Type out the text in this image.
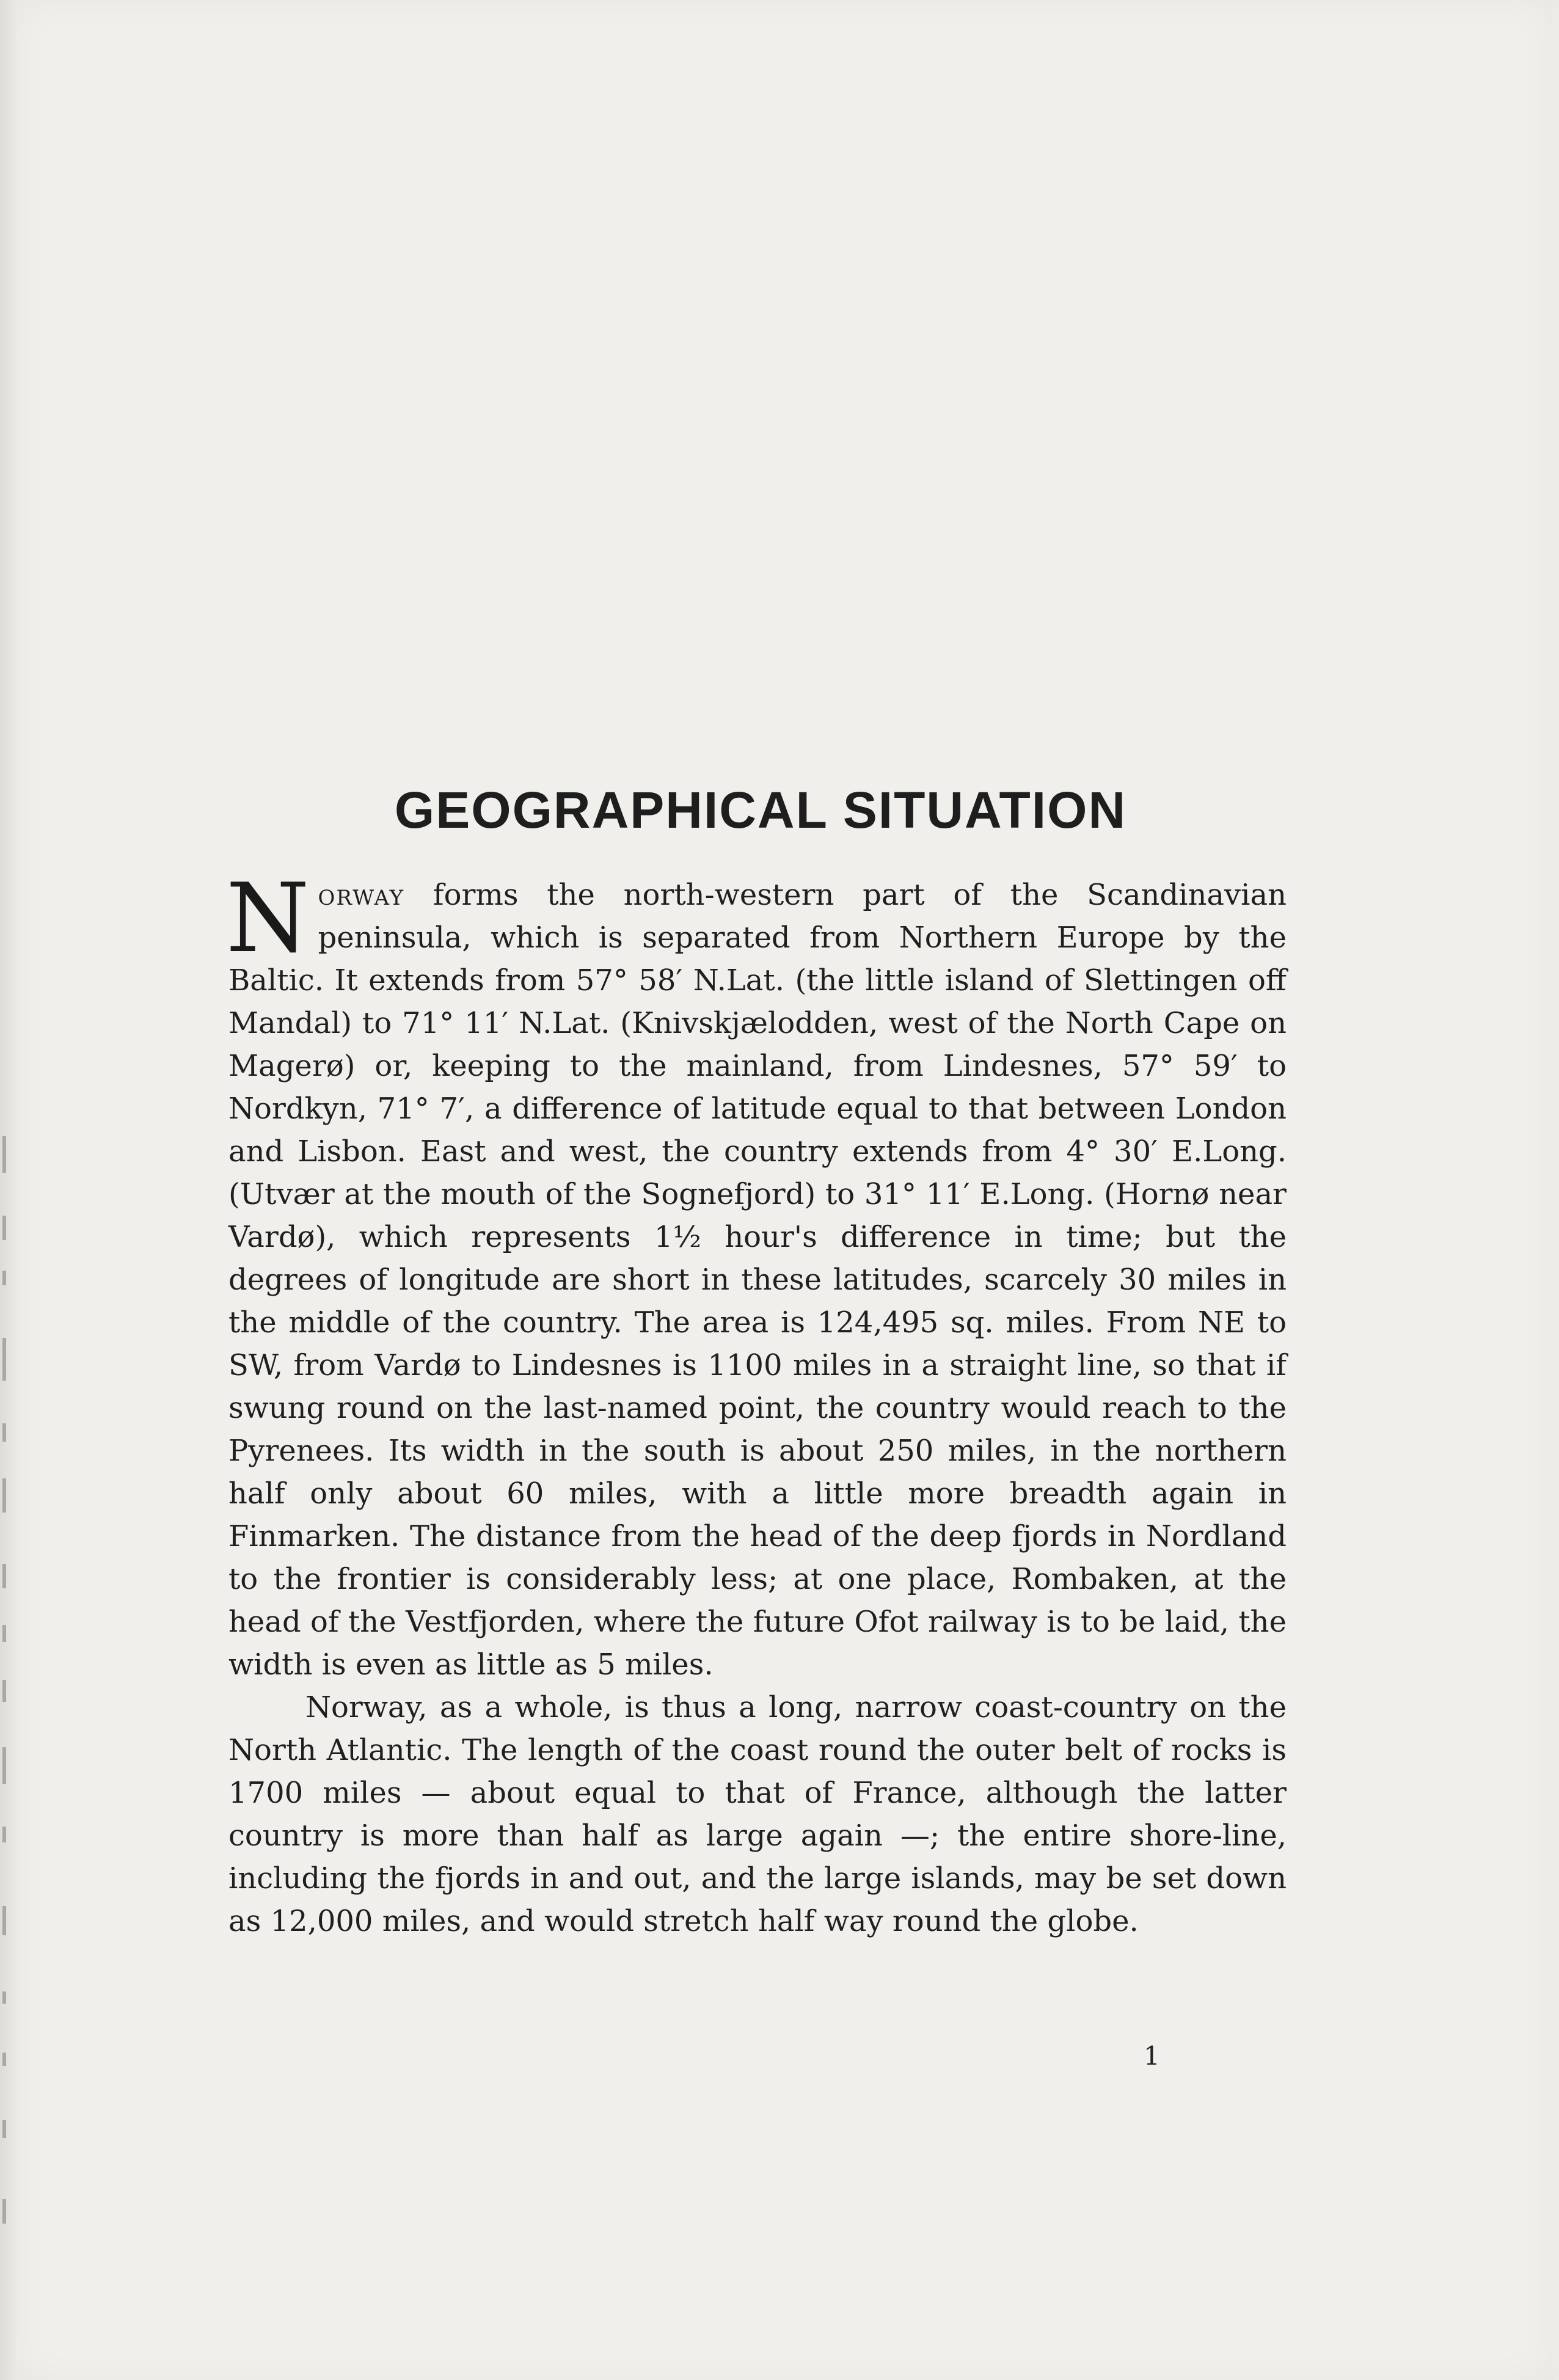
GEOGRAPHICAL SITUATION

Norway forms the north-western part of the Scandinavian peninsula, which is separated from Northern Europe by the Baltic. It extends from 57° 58′ N.Lat. (the little island of Slettingen off Mandal) to 71° 11′ N.Lat. (Knivskjælodden, west of the North Cape on Magerø) or, keeping to the mainland, from Lindesnes, 57° 59′ to Nordkyn, 71° 7′, a difference of latitude equal to that between London and Lisbon. East and west, the country extends from 4° 30′ E.Long. (Utvær at the mouth of the Sognefjord) to 31° 11′ E.Long. (Hornø near Vardø), which represents 1½ hour's difference in time; but the degrees of longitude are short in these latitudes, scarcely 30 miles in the middle of the country. The area is 124,495 sq. miles. From NE to SW, from Vardø to Lindesnes is 1100 miles in a straight line, so that if swung round on the last-named point, the country would reach to the Pyrenees. Its width in the south is about 250 miles, in the northern half only about 60 miles, with a little more breadth again in Finmarken. The distance from the head of the deep fjords in Nordland to the frontier is considerably less; at one place, Rombaken, at the head of the Vestfjorden, where the future Ofot railway is to be laid, the width is even as little as 5 miles.

Norway, as a whole, is thus a long, narrow coast-country on the North Atlantic. The length of the coast round the outer belt of rocks is 1700 miles — about equal to that of France, although the latter country is more than half as large again —; the entire shore-line, including the fjords in and out, and the large islands, may be set down as 12,000 miles, and would stretch half way round the globe.

1
